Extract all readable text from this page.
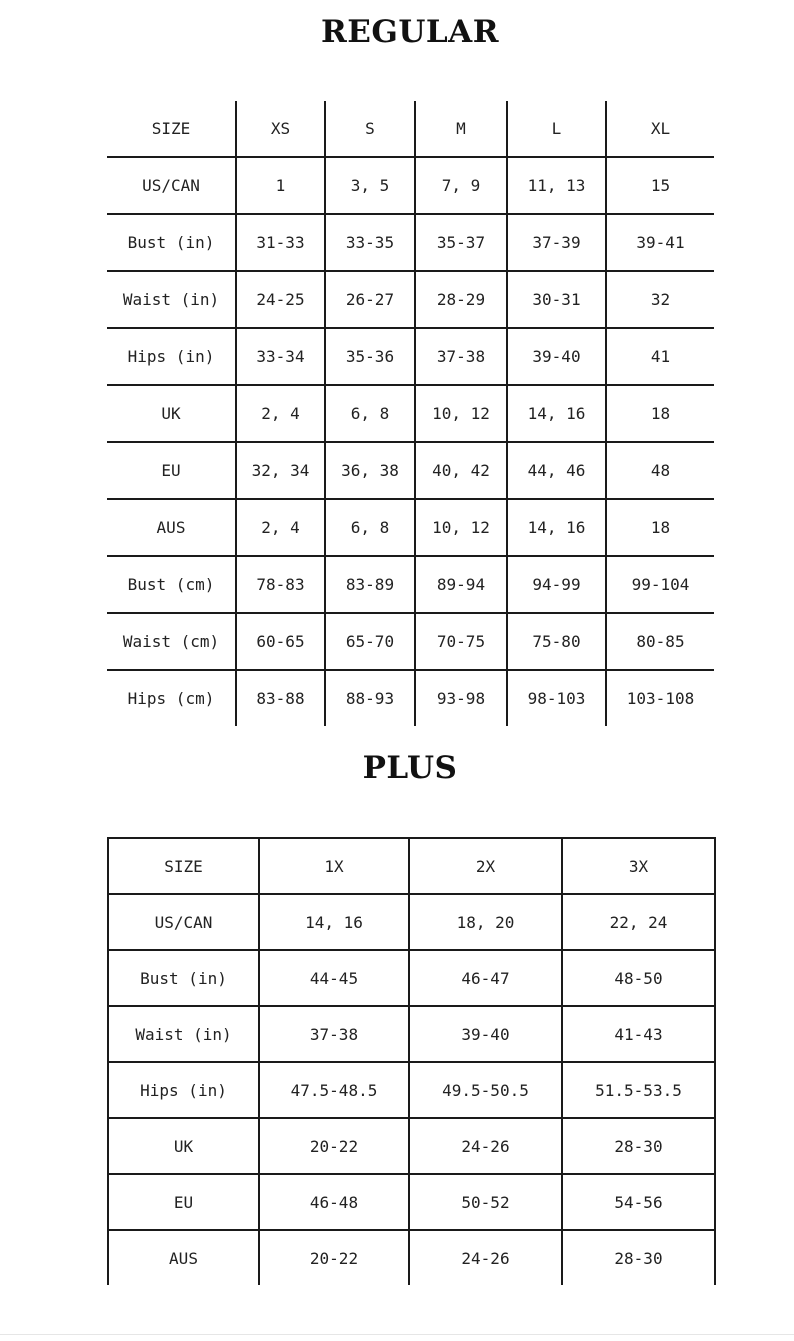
REGULAR
SIZE	XS	S	M	L	XL
US/CAN	1	3, 5	7, 9	11, 13	15
Bust (in)	31-33	33-35	35-37	37-39	39-41
Waist (in)	24-25	26-27	28-29	30-31	32
Hips (in)	33-34	35-36	37-38	39-40	41
UK	2, 4	6, 8	10, 12	14, 16	18
EU	32, 34	36, 38	40, 42	44, 46	48
AUS	2, 4	6, 8	10, 12	14, 16	18
Bust (cm)	78-83	83-89	89-94	94-99	99-104
Waist (cm)	60-65	65-70	70-75	75-80	80-85
Hips (cm)	83-88	88-93	93-98	98-103	103-108
PLUS
SIZE	1X	2X	3X
US/CAN	14, 16	18, 20	22, 24
Bust (in)	44-45	46-47	48-50
Waist (in)	37-38	39-40	41-43
Hips (in)	47.5-48.5	49.5-50.5	51.5-53.5
UK	20-22	24-26	28-30
EU	46-48	50-52	54-56
AUS	20-22	24-26	28-30
